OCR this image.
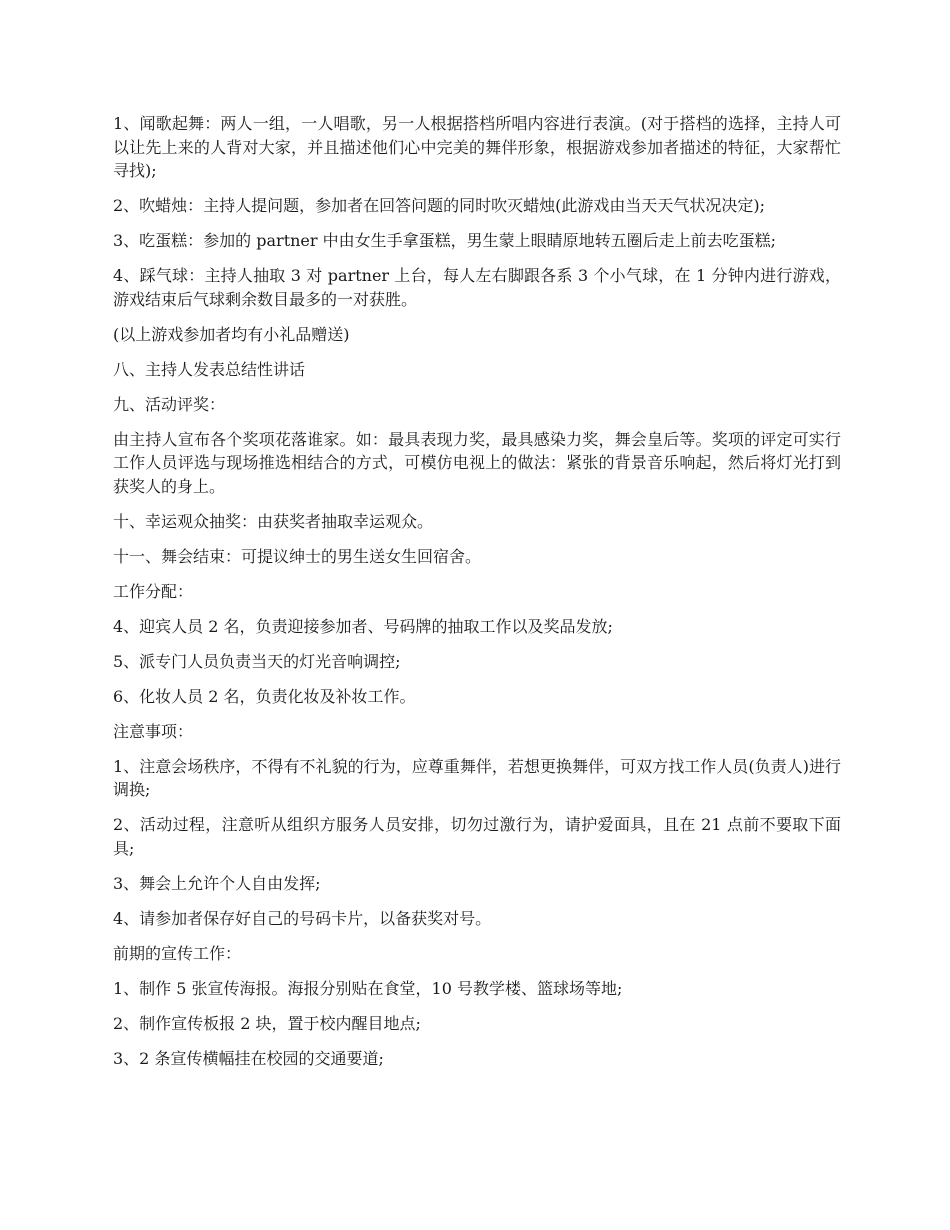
1、闻歌起舞：两人一组，一人唱歌，另一人根据搭档所唱内容进行表演。(对于搭档的选择，主持人可以让先上来的人背对大家，并且描述他们心中完美的舞伴形象，根据游戏参加者描述的特征，大家帮忙寻找);

2、吹蜡烛：主持人提问题，参加者在回答问题的同时吹灭蜡烛(此游戏由当天天气状况决定);

3、吃蛋糕：参加的 partner 中由女生手拿蛋糕，男生蒙上眼睛原地转五圈后走上前去吃蛋糕;

4、踩气球：主持人抽取 3 对 partner 上台，每人左右脚跟各系 3 个小气球，在 1 分钟内进行游戏，游戏结束后气球剩余数目最多的一对获胜。

(以上游戏参加者均有小礼品赠送)

八、主持人发表总结性讲话

九、活动评奖：

由主持人宣布各个奖项花落谁家。如：最具表现力奖，最具感染力奖，舞会皇后等。奖项的评定可实行工作人员评选与现场推选相结合的方式，可模仿电视上的做法：紧张的背景音乐响起，然后将灯光打到获奖人的身上。

十、幸运观众抽奖：由获奖者抽取幸运观众。

十一、舞会结束：可提议绅士的男生送女生回宿舍。

工作分配：

4、迎宾人员 2 名，负责迎接参加者、号码牌的抽取工作以及奖品发放;

5、派专门人员负责当天的灯光音响调控;

6、化妆人员 2 名，负责化妆及补妆工作。

注意事项：

1、注意会场秩序，不得有不礼貌的行为，应尊重舞伴，若想更换舞伴，可双方找工作人员(负责人)进行调换;

2、活动过程，注意听从组织方服务人员安排，切勿过激行为，请护爱面具，且在 21 点前不要取下面具;

3、舞会上允许个人自由发挥;

4、请参加者保存好自己的号码卡片，以备获奖对号。

前期的宣传工作：

1、制作 5 张宣传海报。海报分别贴在食堂，10 号教学楼、篮球场等地;

2、制作宣传板报 2 块，置于校内醒目地点;

3、2 条宣传横幅挂在校园的交通要道;
